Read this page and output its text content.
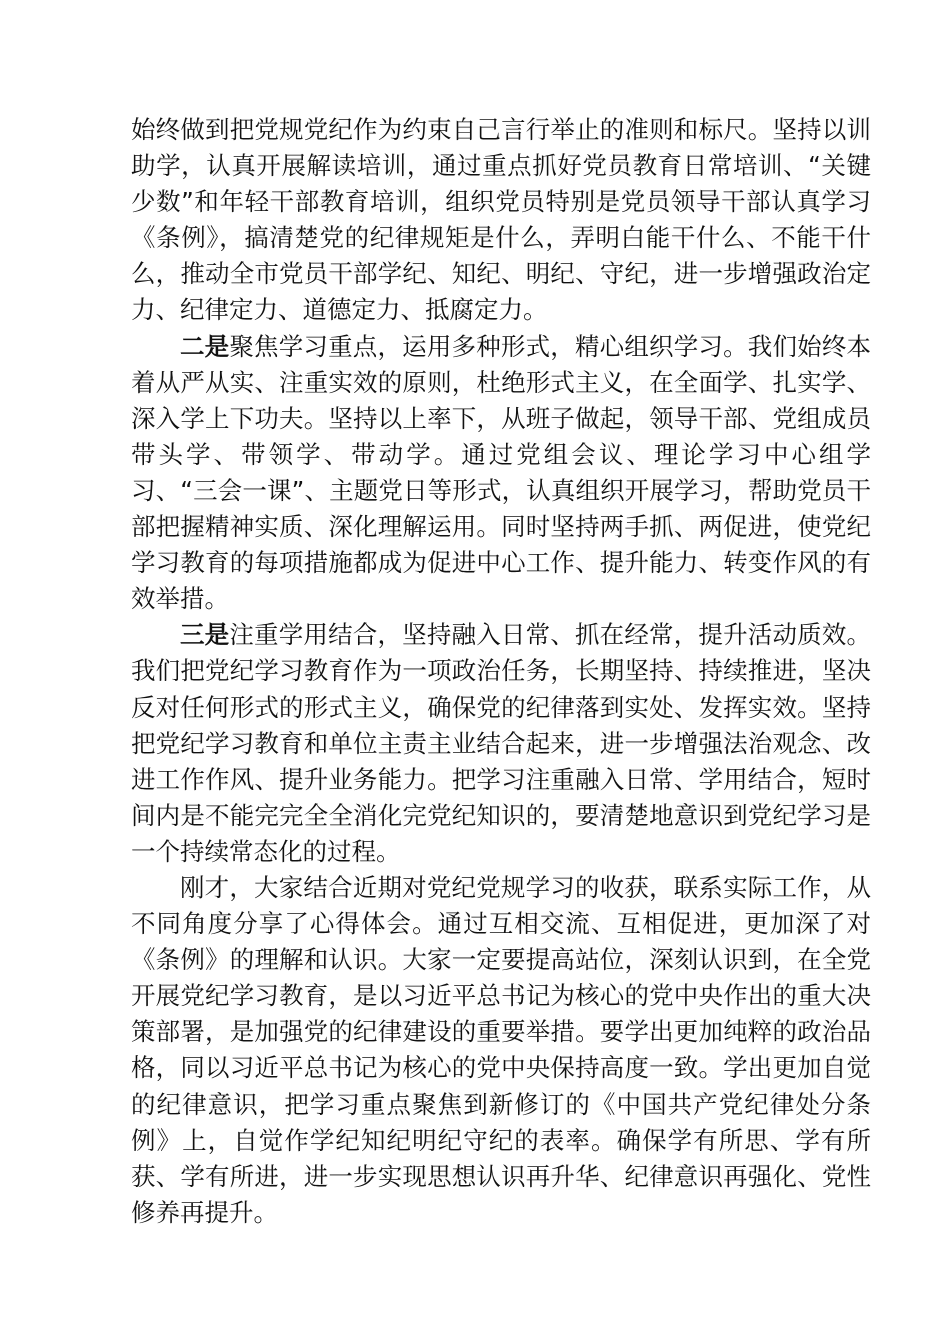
始终做到把党规党纪作为约束自己言行举止的准则和标尺。坚持以训助学，认真开展解读培训，通过重点抓好党员教育日常培训、“关键少数”和年轻干部教育培训，组织党员特别是党员领导干部认真学习《条例》，搞清楚党的纪律规矩是什么，弄明白能干什么、不能干什么，推动全市党员干部学纪、知纪、明纪、守纪，进一步增强政治定力、纪律定力、道德定力、抵腐定力。

二是聚焦学习重点，运用多种形式，精心组织学习。我们始终本着从严从实、注重实效的原则，杜绝形式主义，在全面学、扎实学、深入学上下功夫。坚持以上率下，从班子做起，领导干部、党组成员带头学、带领学、带动学。通过党组会议、理论学习中心组学习、“三会一课”、主题党日等形式，认真组织开展学习，帮助党员干部把握精神实质、深化理解运用。同时坚持两手抓、两促进，使党纪学习教育的每项措施都成为促进中心工作、提升能力、转变作风的有效举措。

三是注重学用结合，坚持融入日常、抓在经常，提升活动质效。我们把党纪学习教育作为一项政治任务，长期坚持、持续推进，坚决反对任何形式的形式主义，确保党的纪律落到实处、发挥实效。坚持把党纪学习教育和单位主责主业结合起来，进一步增强法治观念、改进工作作风、提升业务能力。把学习注重融入日常、学用结合，短时间内是不能完完全全消化完党纪知识的，要清楚地意识到党纪学习是一个持续常态化的过程。

刚才，大家结合近期对党纪党规学习的收获，联系实际工作，从不同角度分享了心得体会。通过互相交流、互相促进，更加深了对《条例》的理解和认识。大家一定要提高站位，深刻认识到，在全党开展党纪学习教育，是以习近平总书记为核心的党中央作出的重大决策部署，是加强党的纪律建设的重要举措。要学出更加纯粹的政治品格，同以习近平总书记为核心的党中央保持高度一致。学出更加自觉的纪律意识，把学习重点聚焦到新修订的《中国共产党纪律处分条例》上，自觉作学纪知纪明纪守纪的表率。确保学有所思、学有所获、学有所进，进一步实现思想认识再升华、纪律意识再强化、党性修养再提升。
